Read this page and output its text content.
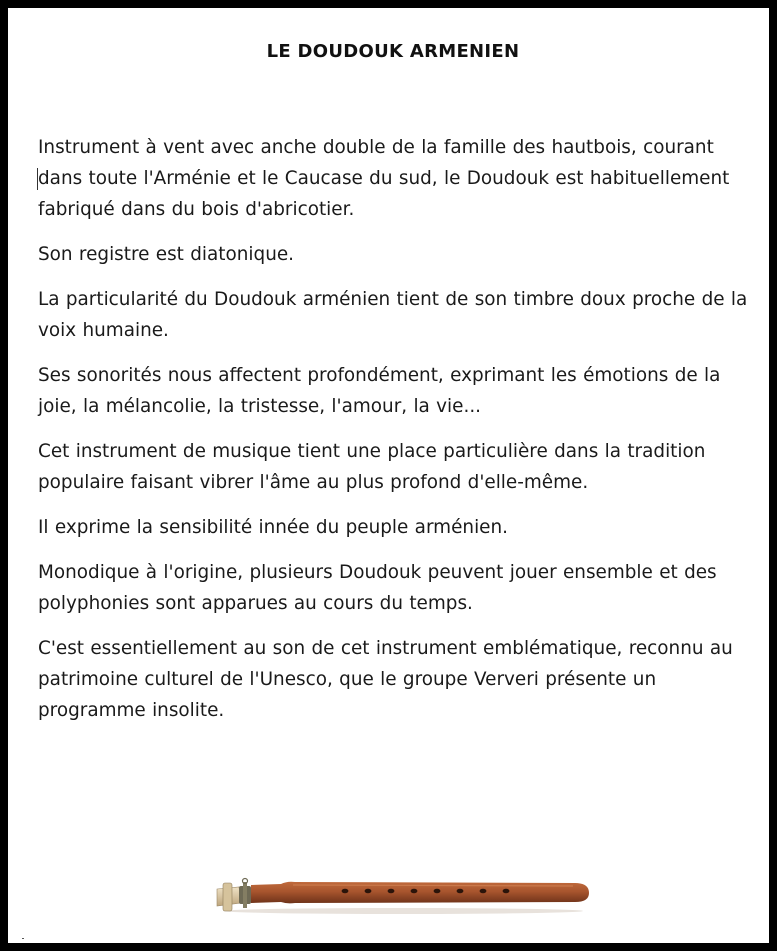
LE DOUDOUK ARMENIEN

Instrument à vent avec anche double de la famille des hautbois, courant dans toute l'Arménie et le Caucase du sud, le Doudouk est habituellement fabriqué dans du bois d'abricotier.

Son registre est diatonique.

La particularité du Doudouk arménien tient de son timbre doux proche de la voix humaine.

Ses sonorités nous affectent profondément, exprimant les émotions de la joie, la mélancolie, la tristesse, l'amour, la vie...

Cet instrument de musique tient une place particulière dans la tradition populaire faisant vibrer l'âme au plus profond d'elle-même.

Il exprime la sensibilité innée du peuple arménien.

Monodique à l'origine, plusieurs Doudouk peuvent jouer ensemble et des polyphonies sont apparues au cours du temps.

C'est essentiellement au son de cet instrument emblématique, reconnu au patrimoine culturel de l'Unesco, que le groupe Ververi présente un programme insolite.
